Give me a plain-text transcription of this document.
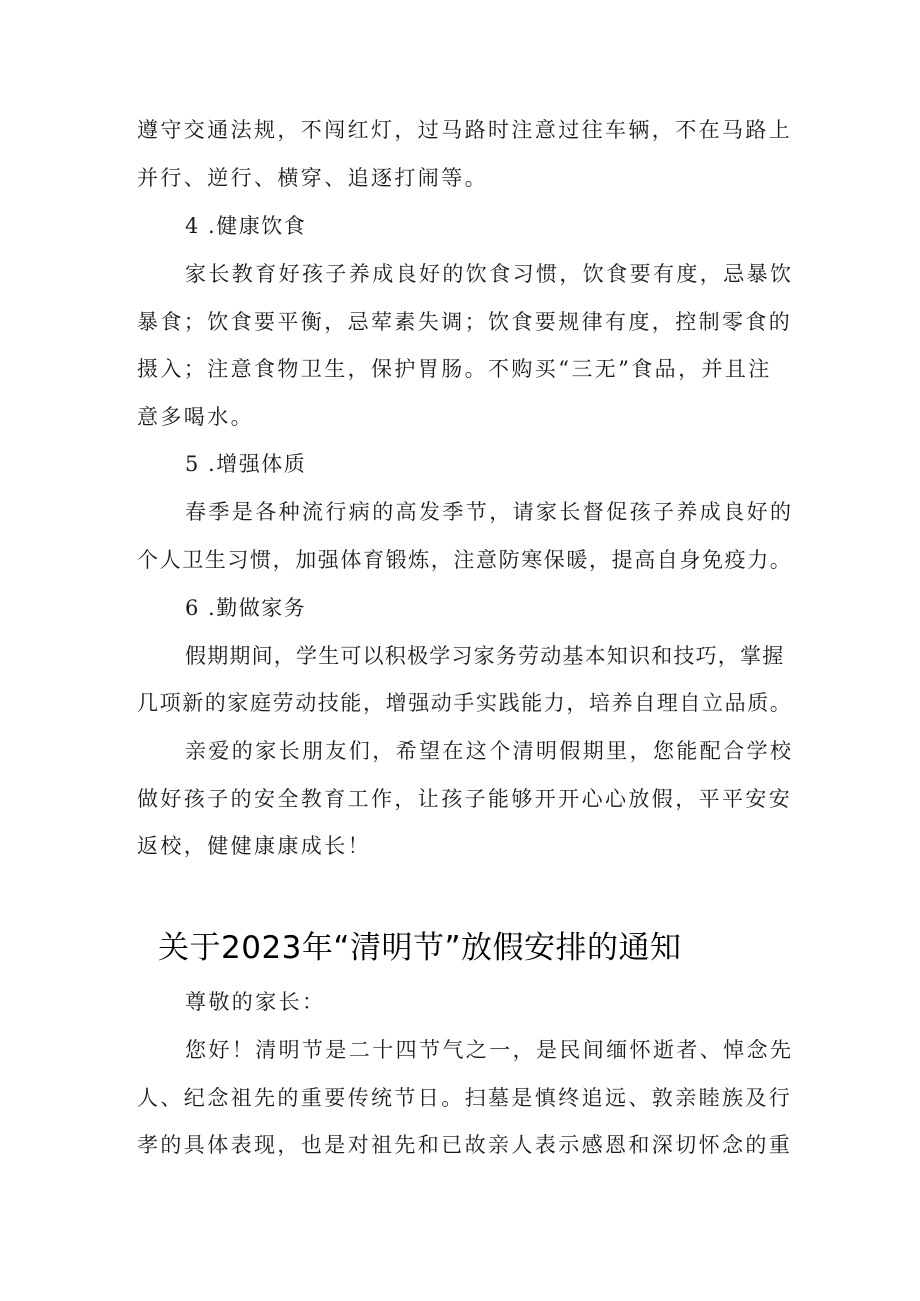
遵守交通法规，不闯红灯，过马路时注意过往车辆，不在马路上
并行、逆行、横穿、追逐打闹等。
4 .健康饮食
家长教育好孩子养成良好的饮食习惯，饮食要有度，忌暴饮
暴食；饮食要平衡，忌荤素失调；饮食要规律有度，控制零食的
摄入；注意食物卫生，保护胃肠。不购买“三无”食品，并且注
意多喝水。
5 .增强体质
春季是各种流行病的高发季节，请家长督促孩子养成良好的
个人卫生习惯，加强体育锻炼，注意防寒保暖，提高自身免疫力。
6 .勤做家务
假期期间，学生可以积极学习家务劳动基本知识和技巧，掌握
几项新的家庭劳动技能，增强动手实践能力，培养自理自立品质。
亲爱的家长朋友们，希望在这个清明假期里，您能配合学校
做好孩子的安全教育工作，让孩子能够开开心心放假，平平安安
返校，健健康康成长！
关于2023年“清明节”放假安排的通知
尊敬的家长：
您好！清明节是二十四节气之一，是民间缅怀逝者、悼念先
人、纪念祖先的重要传统节日。扫墓是慎终追远、敦亲睦族及行
孝的具体表现，也是对祖先和已故亲人表示感恩和深切怀念的重
